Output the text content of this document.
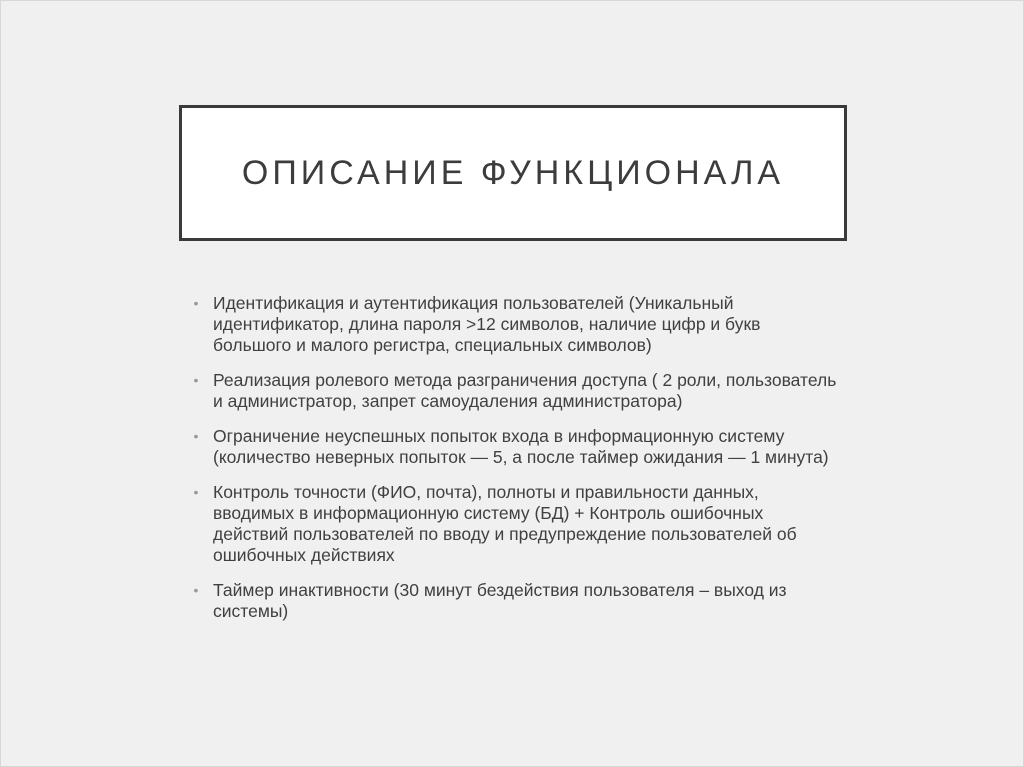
ОПИСАНИЕ ФУНКЦИОНАЛА
• Идентификация и аутентификация пользователей (Уникальный идентификатор, длина пароля >12 символов, наличие цифр и букв большого и малого регистра, специальных символов)
• Реализация ролевого метода разграничения доступа ( 2 роли, пользователь и администратор, запрет самоудаления администратора)
• Ограничение неуспешных попыток входа в информационную систему (количество неверных попыток — 5, а после таймер ожидания — 1 минута)
• Контроль точности (ФИО, почта), полноты и правильности данных, вводимых в информационную систему (БД) + Контроль ошибочных действий пользователей по вводу и предупреждение пользователей об ошибочных действиях
• Таймер инактивности (30 минут бездействия пользователя – выход из системы)
